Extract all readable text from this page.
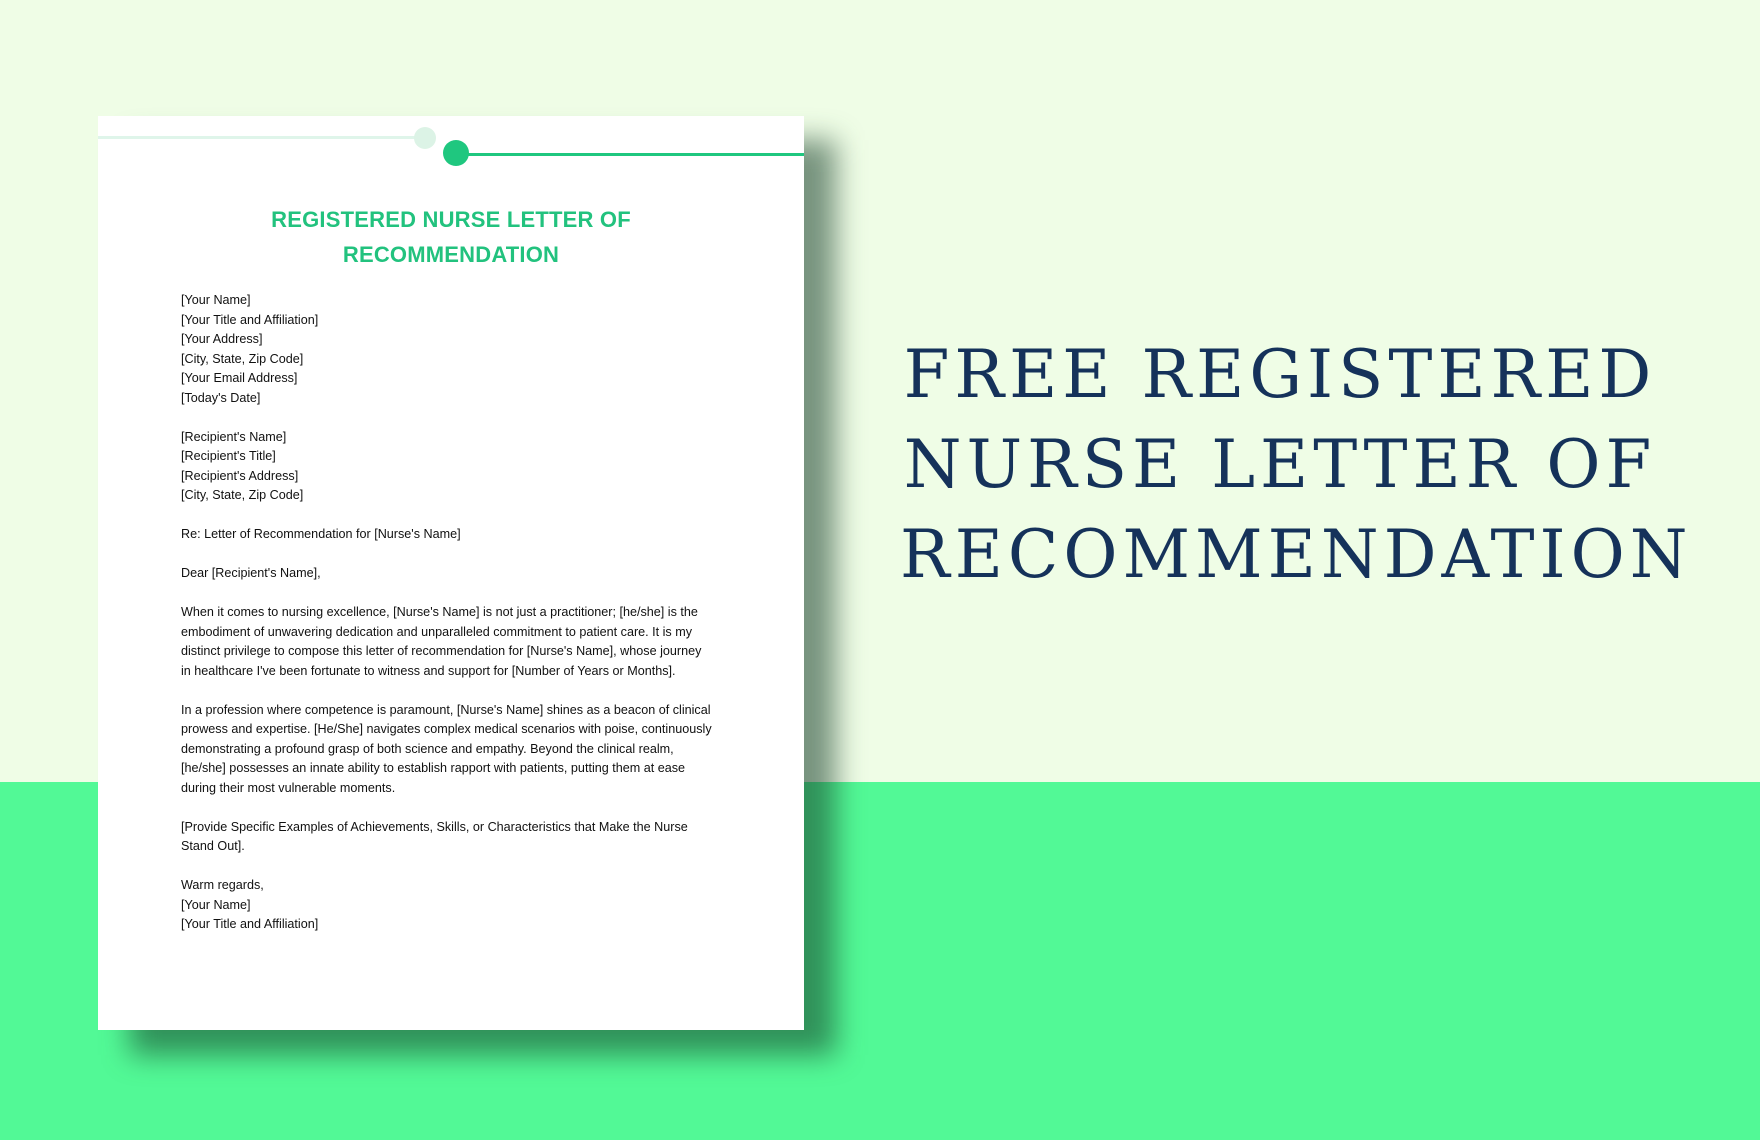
REGISTERED NURSE LETTER OF
RECOMMENDATION
[Your Name]
[Your Title and Affiliation]
[Your Address]
[City, State, Zip Code]
[Your Email Address]
[Today's Date]
[Recipient's Name]
[Recipient's Title]
[Recipient's Address]
[City, State, Zip Code]
Re: Letter of Recommendation for [Nurse's Name]
Dear [Recipient's Name],
When it comes to nursing excellence, [Nurse's Name] is not just a practitioner; [he/she] is the
embodiment of unwavering dedication and unparalleled commitment to patient care. It is my
distinct privilege to compose this letter of recommendation for [Nurse's Name], whose journey
in healthcare I've been fortunate to witness and support for [Number of Years or Months].
In a profession where competence is paramount, [Nurse's Name] shines as a beacon of clinical
prowess and expertise. [He/She] navigates complex medical scenarios with poise, continuously
demonstrating a profound grasp of both science and empathy. Beyond the clinical realm,
[he/she] possesses an innate ability to establish rapport with patients, putting them at ease
during their most vulnerable moments.
[Provide Specific Examples of Achievements, Skills, or Characteristics that Make the Nurse
Stand Out].
Warm regards,
[Your Name]
[Your Title and Affiliation]
FREE REGISTERED
NURSE LETTER OF
RECOMMENDATION
